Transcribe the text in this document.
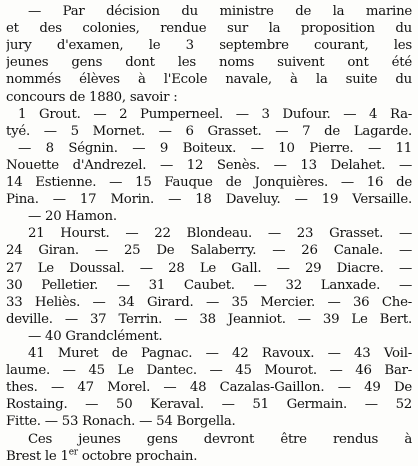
— Par décision du ministre de la marine
et des colonies, rendue sur la proposition du
jury d'examen, le 3 septembre courant, les
jeunes gens dont les noms suivent ont été
nommés élèves à l'Ecole navale, à la suite du
concours de 1880, savoir :
1 Grout. — 2 Pumperneel. — 3 Dufour. — 4 Ra-
tyé. — 5 Mornet. — 6 Grasset. — 7 de Lagarde.
— 8 Ségnin. — 9 Boiteux. — 10 Pierre. — 11
Nouette d'Andrezel. — 12 Senès. — 13 Delahet. —
14 Estienne. — 15 Fauque de Jonquières. — 16 de
Pina. — 17 Morin. — 18 Daveluy. — 19 Versaille.
— 20 Hamon.
21 Hourst. — 22 Blondeau. — 23 Grasset. —
24 Giran. — 25 De Salaberry. — 26 Canale. —
27 Le Doussal. — 28 Le Gall. — 29 Diacre. —
30 Pelletier. — 31 Caubet. — 32 Lanxade. —
33 Heliès. — 34 Girard. — 35 Mercier. — 36 Che-
deville. — 37 Terrin. — 38 Jeanniot. — 39 Le Bert.
— 40 Grandclément.
41 Muret de Pagnac. — 42 Ravoux. — 43 Voil-
laume. — 45 Le Dantec. — 45 Mourot. — 46 Bar-
thes. — 47 Morel. — 48 Cazalas-Gaillon. — 49 De
Rostaing. — 50 Keraval. — 51 Germain. — 52
Fitte. — 53 Ronach. — 54 Borgella.
Ces jeunes gens devront être rendus à
Brest le 1er octobre prochain.
